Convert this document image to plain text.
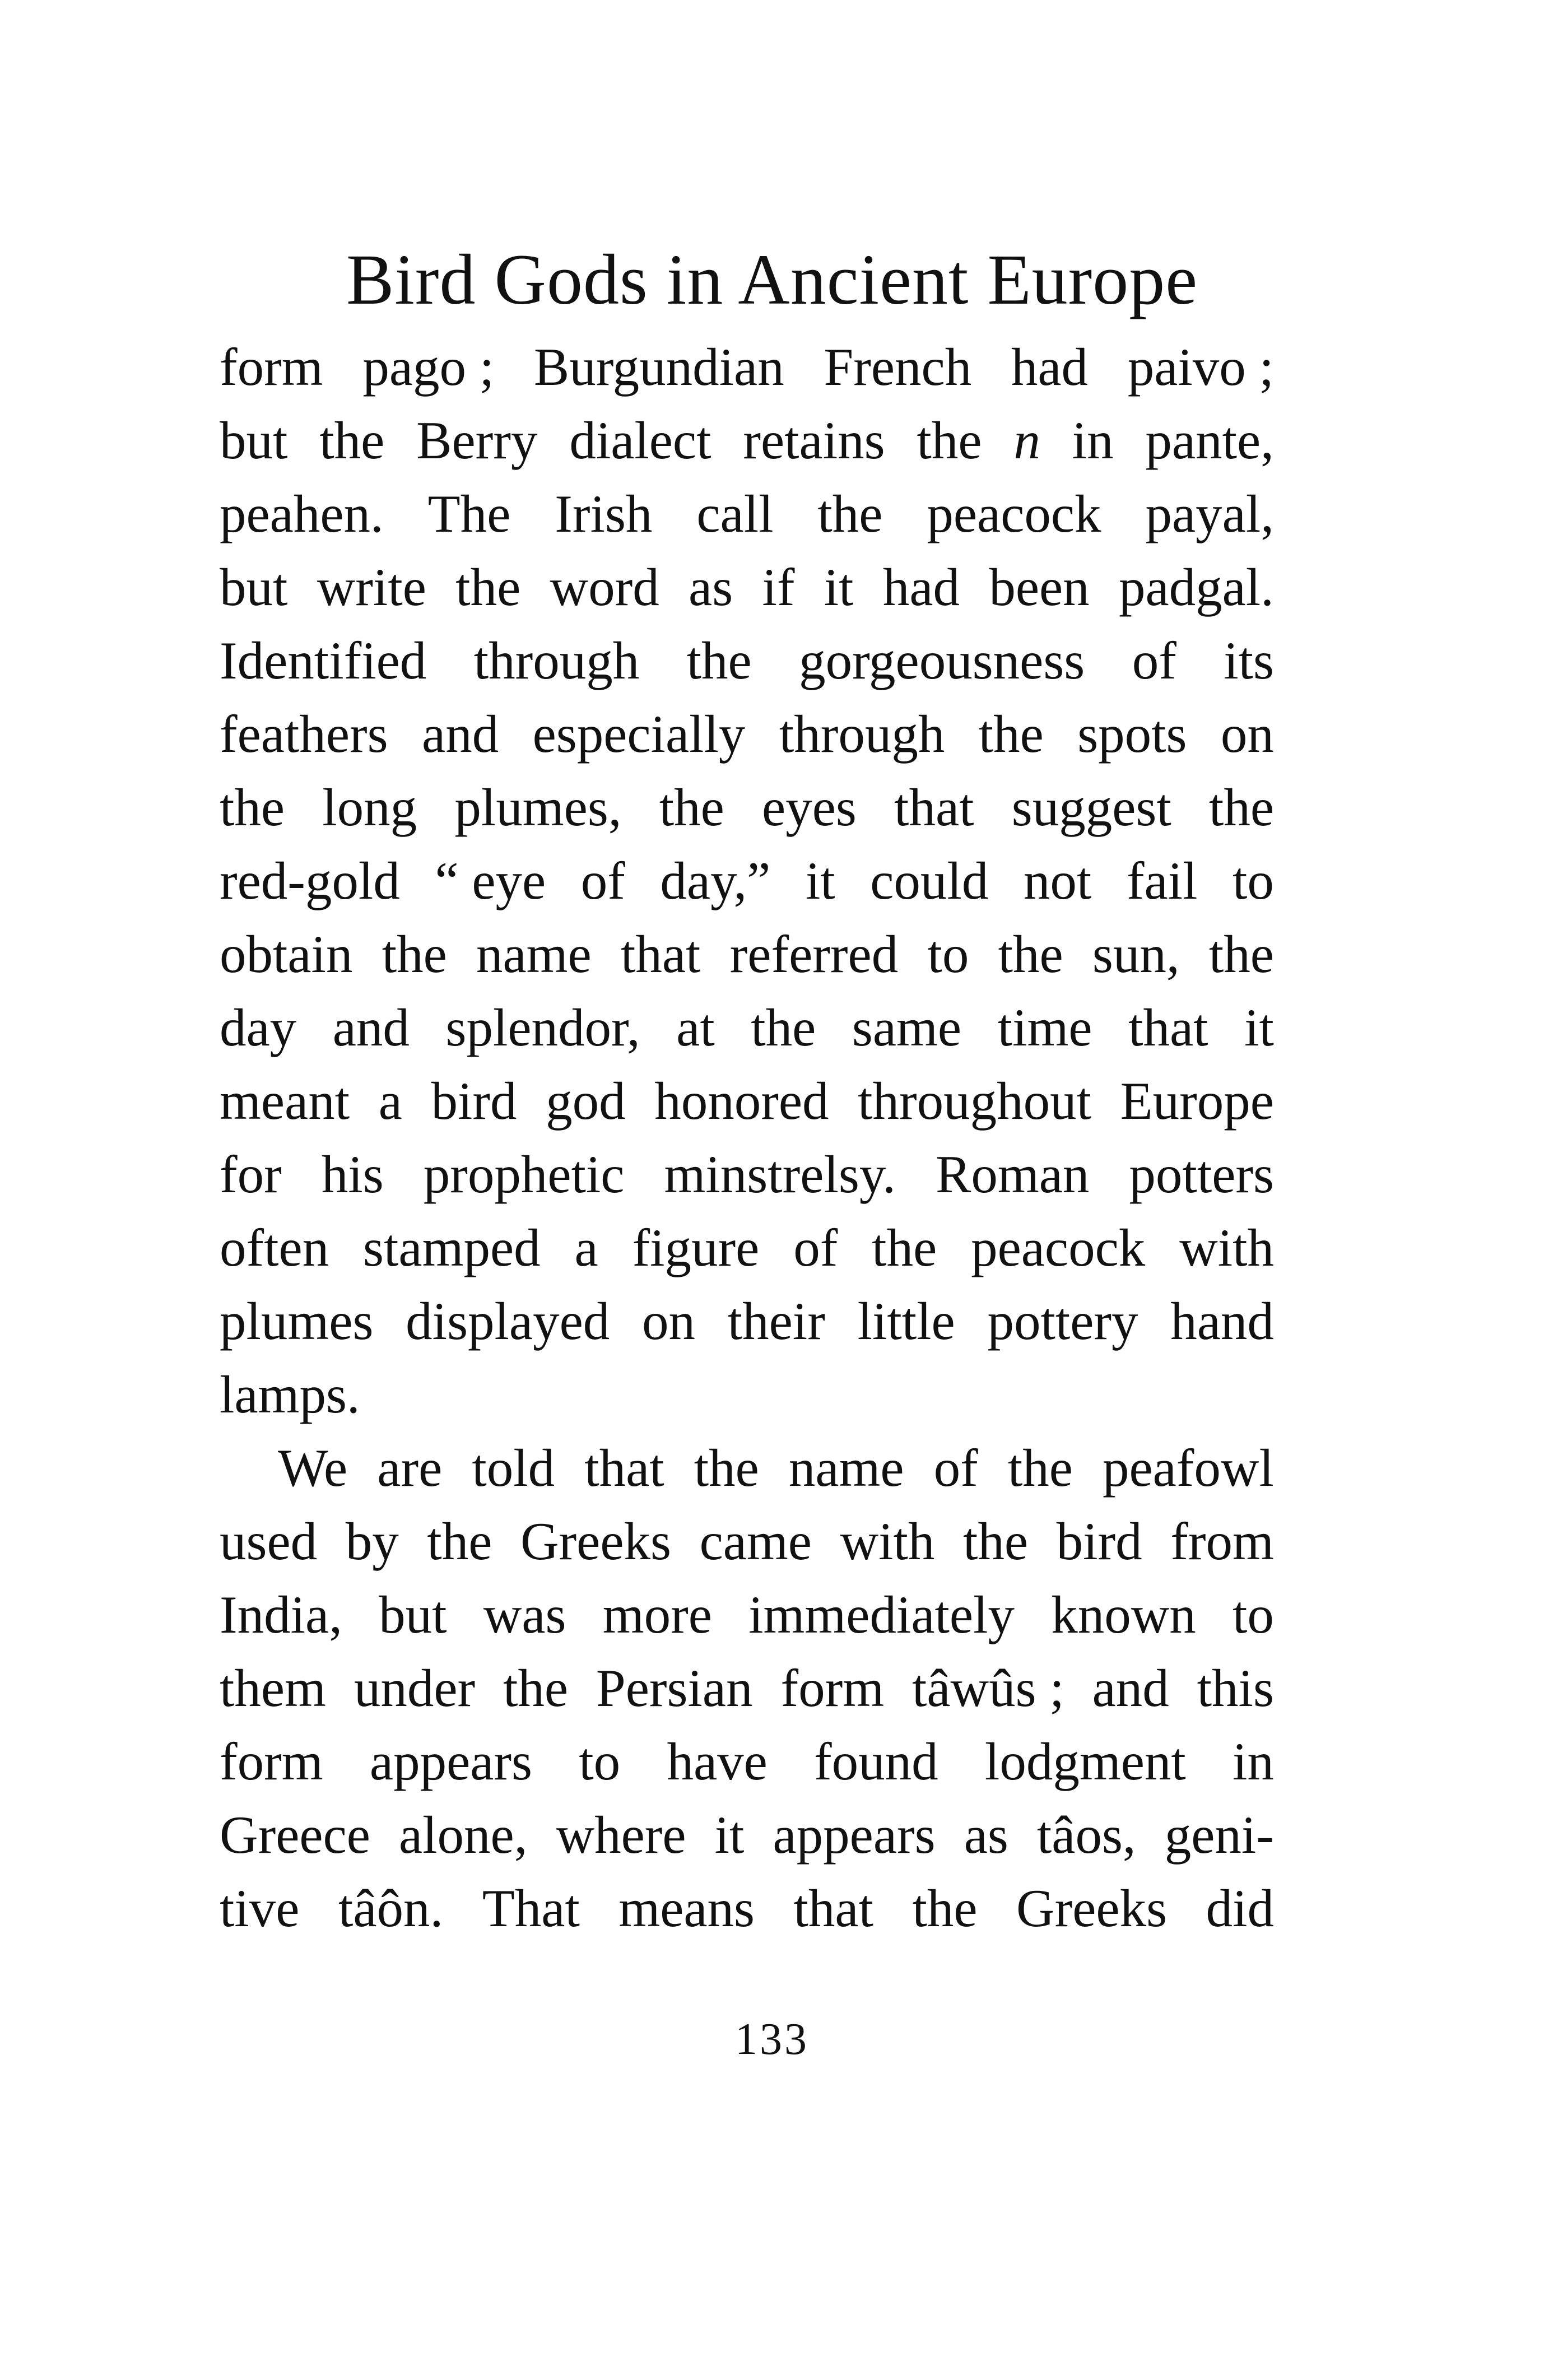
Bird Gods in Ancient Europe
form pago ; Burgundian French had paivo ;
but the Berry dialect retains the n in pante,
peahen. The Irish call the peacock payal,
but write the word as if it had been padgal.
Identified through the gorgeousness of its
feathers and especially through the spots on
the long plumes, the eyes that suggest the
red-gold “ eye of day,” it could not fail to
obtain the name that referred to the sun, the
day and splendor, at the same time that it
meant a bird god honored throughout Europe
for his prophetic minstrelsy. Roman potters
often stamped a figure of the peacock with
plumes displayed on their little pottery hand
lamps.
We are told that the name of the peafowl
used by the Greeks came with the bird from
India, but was more immediately known to
them under the Persian form tâwûs ; and this
form appears to have found lodgment in
Greece alone, where it appears as tâos, geni-
tive tâôn. That means that the Greeks did
133
